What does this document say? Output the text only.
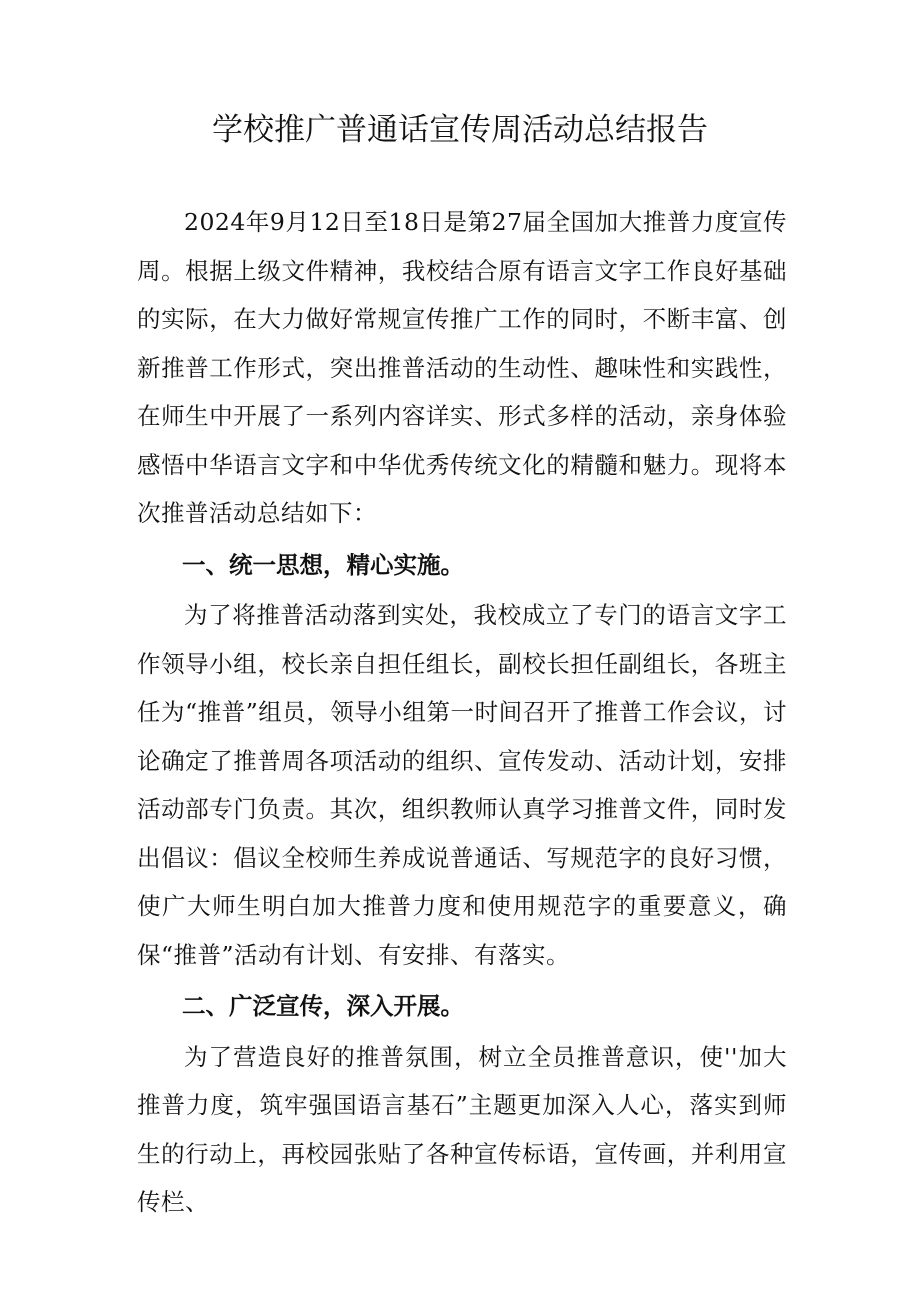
学校推广普通话宣传周活动总结报告

2024年9月12日至18日是第27届全国加大推普力度宣传周。根据上级文件精神，我校结合原有语言文字工作良好基础的实际，在大力做好常规宣传推广工作的同时，不断丰富、创新推普工作形式，突出推普活动的生动性、趣味性和实践性，在师生中开展了一系列内容详实、形式多样的活动，亲身体验感悟中华语言文字和中华优秀传统文化的精髓和魅力。现将本次推普活动总结如下：

一、统一思想，精心实施。

为了将推普活动落到实处，我校成立了专门的语言文字工作领导小组，校长亲自担任组长，副校长担任副组长，各班主任为“推普”组员，领导小组第一时间召开了推普工作会议，讨论确定了推普周各项活动的组织、宣传发动、活动计划，安排活动部专门负责。其次，组织教师认真学习推普文件，同时发出倡议：倡议全校师生养成说普通话、写规范字的良好习惯，使广大师生明白加大推普力度和使用规范字的重要意义，确保“推普”活动有计划、有安排、有落实。

二、广泛宣传，深入开展。

为了营造良好的推普氛围，树立全员推普意识，使''加大推普力度，筑牢强国语言基石”主题更加深入人心，落实到师生的行动上，再校园张贴了各种宣传标语，宣传画，并利用宣传栏、
